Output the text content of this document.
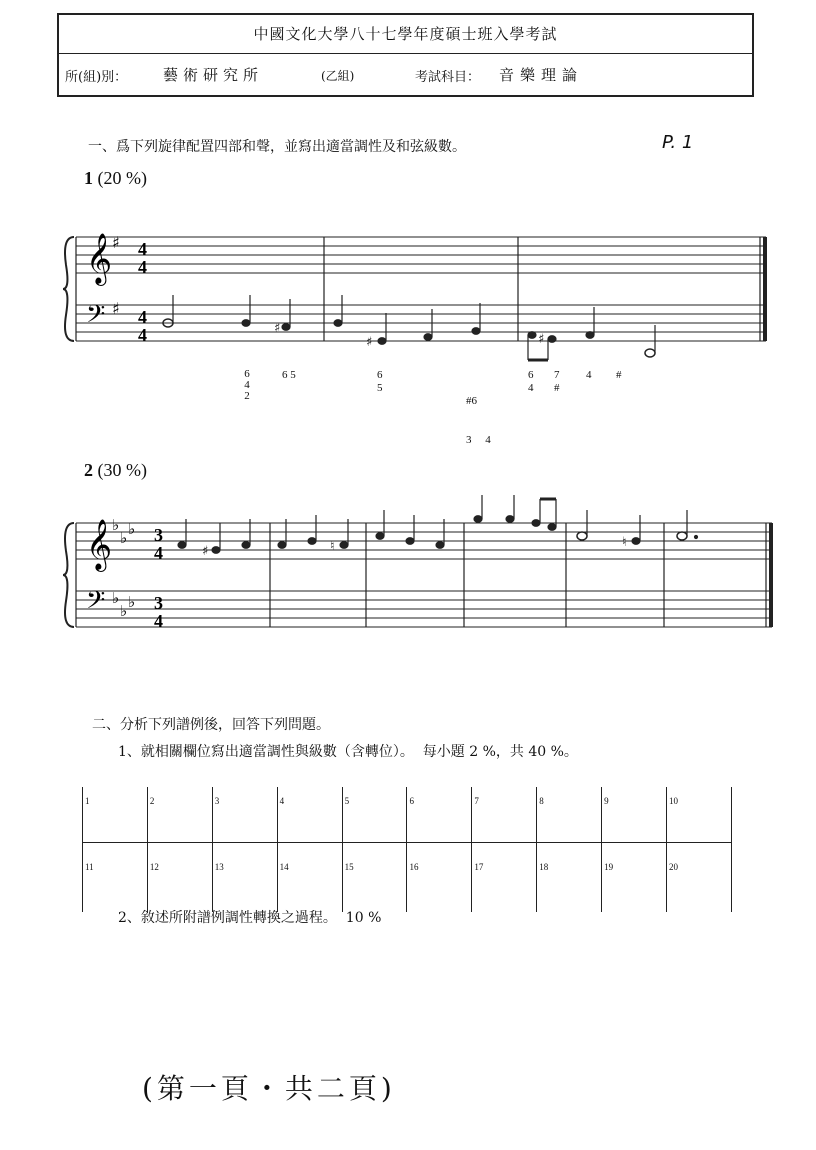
中國文化大學八十七學年度碩士班入學考試
所(組)別： 藝術研究所	(乙組)	考試科目： 音樂理論
一、爲下列旋律配置四部和聲，並寫出適當調性及和弦級數。	P. 1
1 (20 %)
𝄞
𝄢
♯
♯
4
4
4
4	♯
♯	♯
6
4
2
6 5	6
5

#6

3     4

6
4
7
#
4 #
2 (30 %)
𝄞
𝄢
♭
♭ ♭
♭
♭ ♭
3
4
3
4
♯
♮
♮
二、分析下列譜例後，回答下列問題。
1、就相關欄位寫出適當調性與級數（含轉位）。  每小題 2 %，共 40 %。
1	2	3	4	5	6	7	8	9	10
11	12	13	14	15	16	17	18	19	20
2、敘述所附譜例調性轉換之過程。  10 %
(第一頁・共二頁)
